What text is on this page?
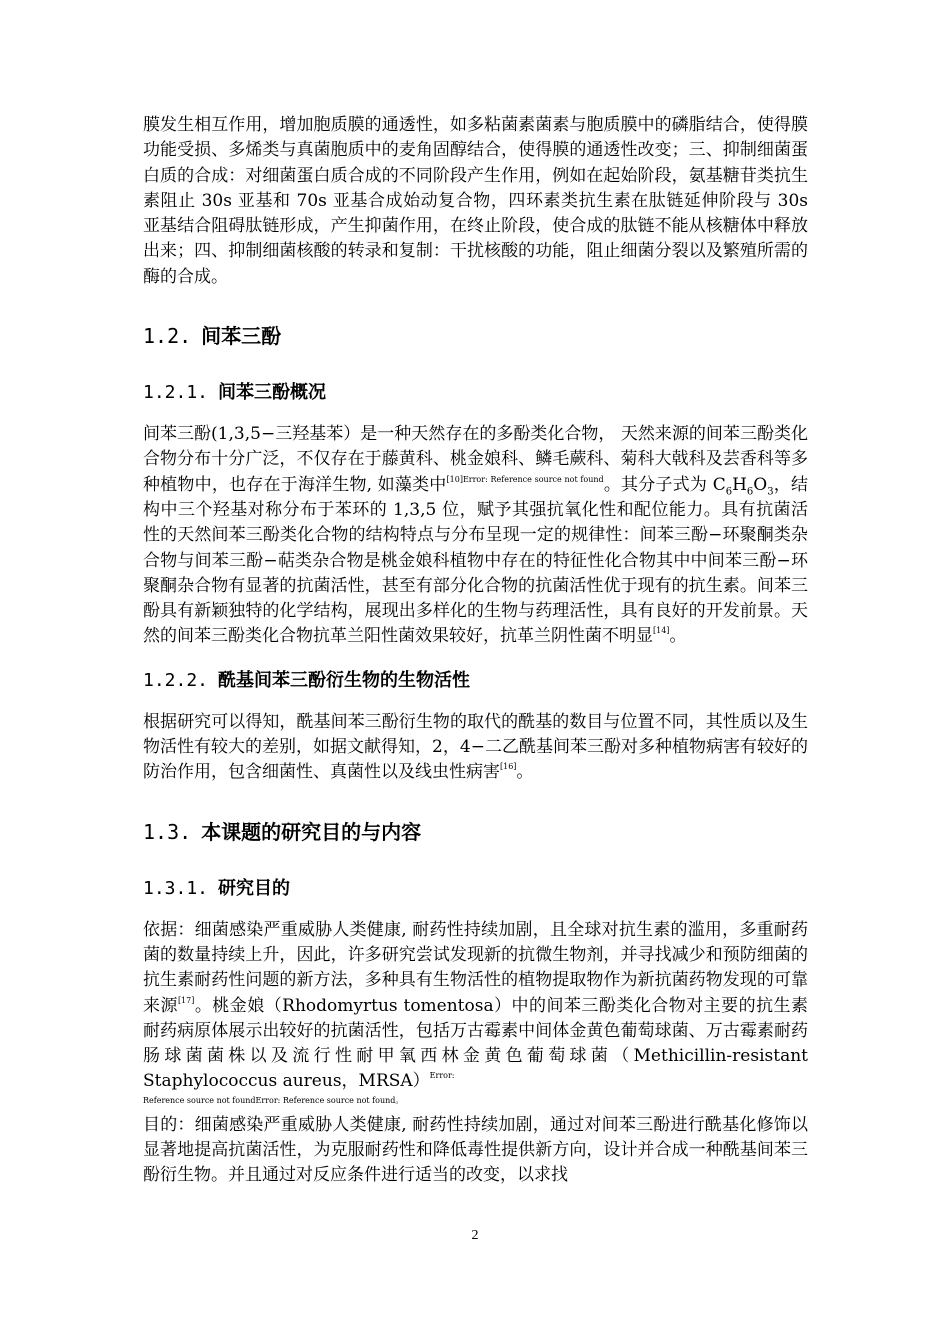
膜发生相互作用，增加胞质膜的通透性，如多粘菌素菌素与胞质膜中的磷脂结合，使得膜功能受损、多烯类与真菌胞质中的麦角固醇结合，使得膜的通透性改变；三、抑制细菌蛋白质的合成：对细菌蛋白质合成的不同阶段产生作用，例如在起始阶段，氨基糖苷类抗生素阻止 30s 亚基和 70s 亚基合成始动复合物，四环素类抗生素在肽链延伸阶段与 30s 亚基结合阻碍肽链形成，产生抑菌作用，在终止阶段，使合成的肽链不能从核糖体中释放出来；四、抑制细菌核酸的转录和复制：干扰核酸的功能，阻止细菌分裂以及繁殖所需的酶的合成。

1.2. 间苯三酚
1.2.1. 间苯三酚概况

间苯三酚(1,3,5−三羟基苯）是一种天然存在的多酚类化合物， 天然来源的间苯三酚类化合物分布十分广泛，不仅存在于藤黄科、桃金娘科、鳞毛蕨科、菊科大戟科及芸香科等多种植物中，也存在于海洋生物, 如藻类中$^{[10]Error: Reference source not found}$。其分子式为 $C_6H_6O_3$，结构中三个羟基对称分布于苯环的 1,3,5 位，赋予其强抗氧化性和配位能力。具有抗菌活性的天然间苯三酚类化合物的结构特点与分布呈现一定的规律性：间苯三酚−环聚酮类杂合物与间苯三酚−萜类杂合物是桃金娘科植物中存在的特征性化合物其中中间苯三酚−环聚酮杂合物有显著的抗菌活性，甚至有部分化合物的抗菌活性优于现有的抗生素。间苯三酚具有新颖独特的化学结构，展现出多样化的生物与药理活性，具有良好的开发前景。天然的间苯三酚类化合物抗革兰阳性菌效果较好，抗革兰阴性菌不明显[14]。

1.2.2. 酰基间苯三酚衍生物的生物活性

根据研究可以得知，酰基间苯三酚衍生物的取代的酰基的数目与位置不同，其性质以及生物活性有较大的差别，如据文献得知，2，4−二乙酰基间苯三酚对多种植物病害有较好的防治作用，包含细菌性、真菌性以及线虫性病害[16]。

1.3. 本课题的研究目的与内容
1.3.1. 研究目的

依据：细菌感染严重威胁人类健康, 耐药性持续加剧，且全球对抗生素的滥用，多重耐药菌的数量持续上升，因此，许多研究尝试发现新的抗微生物剂，并寻找减少和预防细菌的抗生素耐药性问题的新方法，多种具有生物活性的植物提取物作为新抗菌药物发现的可靠来源[17]。桃金娘（Rhodomyrtus tomentosa）中的间苯三酚类化合物对主要的抗生素耐药病原体展示出较好的抗菌活性，包括万古霉素中间体金黄色葡萄球菌、万古霉素耐药肠球菌菌株以及流行性耐甲氧西林金黄色葡萄球菌（Methicillin-resistant Staphylococcus aureus，MRSA）$^{Error:}$

Reference source not foundError: Reference source not found。

目的：细菌感染严重威胁人类健康, 耐药性持续加剧，通过对间苯三酚进行酰基化修饰以显著地提高抗菌活性，为克服耐药性和降低毒性提供新方向，设计并合成一种酰基间苯三酚衍生物。并且通过对反应条件进行适当的改变，以求找

2
